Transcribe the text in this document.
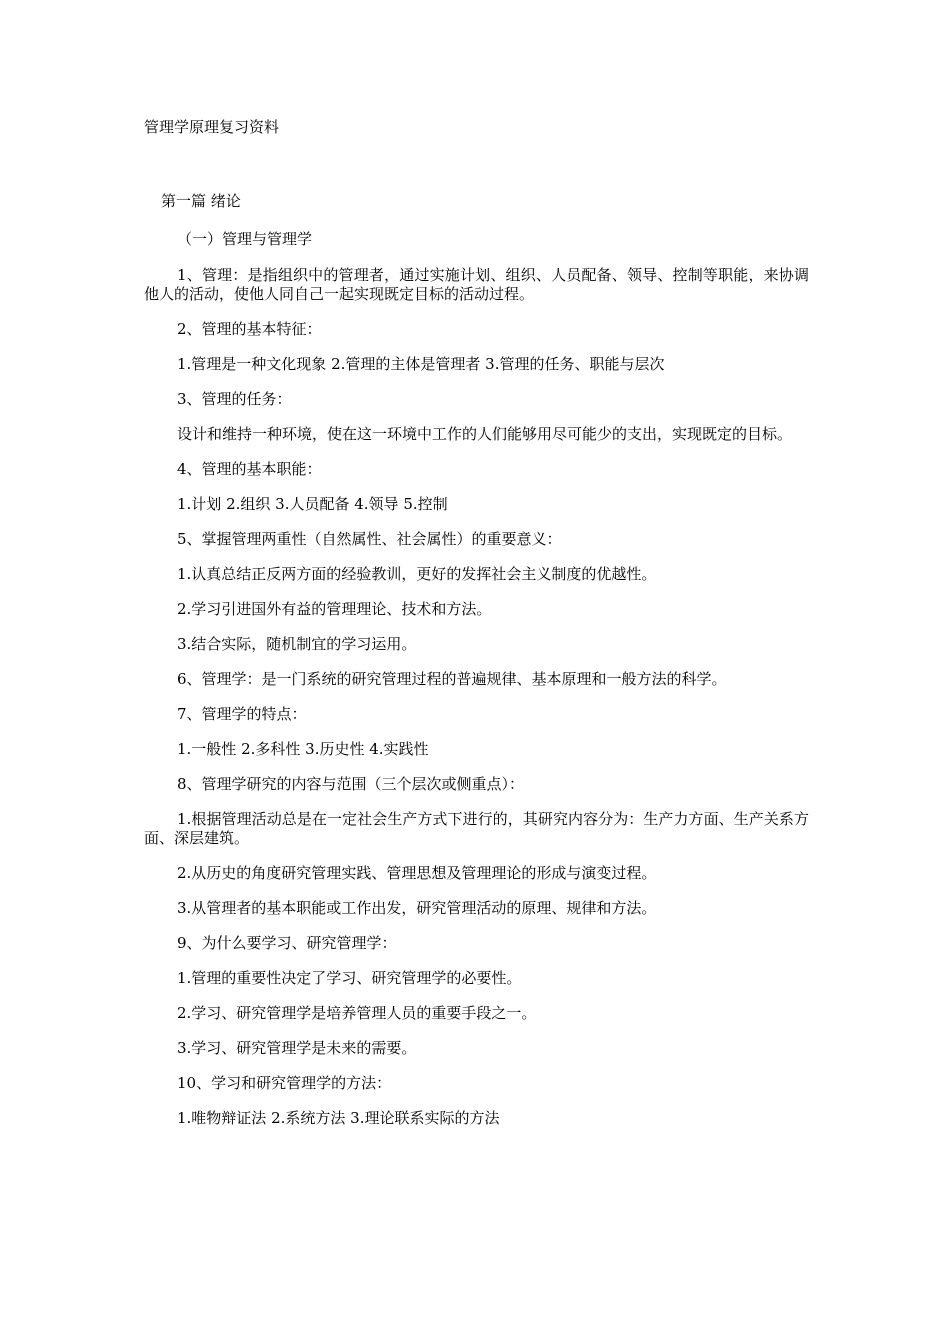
管理学原理复习资料
第一篇 绪论
（一）管理与管理学

1、管理：是指组织中的管理者，通过实施计划、组织、人员配备、领导、控制等职能，来协调他人的活动，使他人同自己一起实现既定目标的活动过程。

2、管理的基本特征：

1.管理是一种文化现象 2.管理的主体是管理者 3.管理的任务、职能与层次

3、管理的任务：

设计和维持一种环境，使在这一环境中工作的人们能够用尽可能少的支出，实现既定的目标。

4、管理的基本职能：

1.计划 2.组织 3.人员配备 4.领导 5.控制

5、掌握管理两重性（自然属性、社会属性）的重要意义：

1.认真总结正反两方面的经验教训，更好的发挥社会主义制度的优越性。

2.学习引进国外有益的管理理论、技术和方法。

3.结合实际，随机制宜的学习运用。

6、管理学：是一门系统的研究管理过程的普遍规律、基本原理和一般方法的科学。

7、管理学的特点：

1.一般性 2.多科性 3.历史性 4.实践性

8、管理学研究的内容与范围（三个层次或侧重点）：

1.根据管理活动总是在一定社会生产方式下进行的，其研究内容分为：生产力方面、生产关系方面、深层建筑。

2.从历史的角度研究管理实践、管理思想及管理理论的形成与演变过程。

3.从管理者的基本职能或工作出发，研究管理活动的原理、规律和方法。

9、为什么要学习、研究管理学：

1.管理的重要性决定了学习、研究管理学的必要性。

2.学习、研究管理学是培养管理人员的重要手段之一。

3.学习、研究管理学是未来的需要。

10、学习和研究管理学的方法：

1.唯物辩证法 2.系统方法 3.理论联系实际的方法
